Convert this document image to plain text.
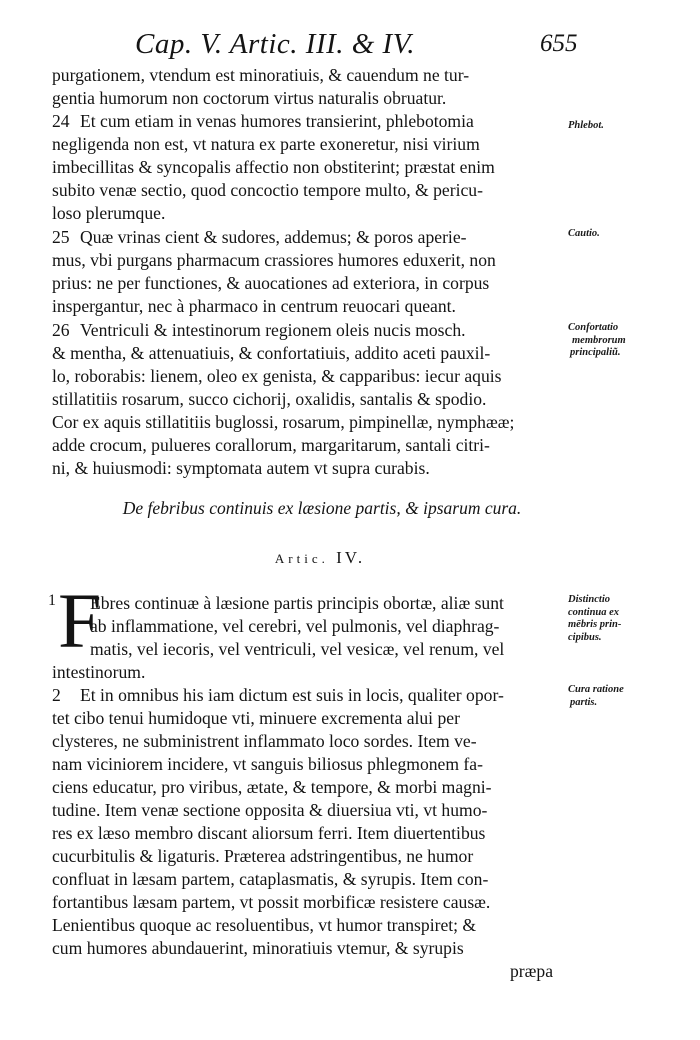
Cap. V. Artic. III. & IV.	655
purgationem, vtendum est minoratiuis, & cauendum ne tur-
gentia humorum non coctorum virtus naturalis obruatur.
24 Et cum etiam in venas humores transierint, phlebotomia
negligenda non est, vt natura ex parte exoneretur, nisi virium
imbecillitas & syncopalis affectio non obstiterint; præstat enim
subito venæ sectio, quod concoctio tempore multo, & pericu-
loso plerumque.
Phlebot.
25 Quæ vrinas cient & sudores, addemus; & poros aperie-
mus, vbi purgans pharmacum crassiores humores eduxerit, non
prius: ne per functiones, & auocationes ad exteriora, in corpus
inspergantur, nec à pharmaco in centrum reuocari queant.
Cautio.
26 Ventriculi & intestinorum regionem oleis nucis mosch.
& mentha, & attenuatiuis, & confortatiuis, addito aceti pauxil-
lo, roborabis: lienem, oleo ex genista, & capparibus: iecur aquis
stillatitiis rosarum, succo cichorij, oxalidis, santalis & spodio.
Cor ex aquis stillatitiis buglossi, rosarum, pimpinellæ, nymphææ;
adde crocum, pulueres corallorum, margaritarum, santali citri-
ni, & huiusmodi: symptomata autem vt supra curabis.
Confortatio
membrorum
principaliũ.
De febribus continuis ex læsione partis, & ipsarum cura.
Artic. IV.
1 F
Ebres continuæ à læsione partis principis obortæ, aliæ sunt
ab inflammatione, vel cerebri, vel pulmonis, vel diaphrag-
matis, vel iecoris, vel ventriculi, vel vesicæ, vel renum, vel
intestinorum.
Distinctio
continua ex
mēbris prin-
cipibus.
2 Et in omnibus his iam dictum est suis in locis, qualiter opor-
tet cibo tenui humidoque vti, minuere excrementa alui per
clysteres, ne subministrent inflammato loco sordes. Item ve-
nam viciniorem incidere, vt sanguis biliosus phlegmonem fa-
ciens educatur, pro viribus, ætate, & tempore, & morbi magni-
tudine. Item venæ sectione opposita & diuersiua vti, vt humo-
res ex læso membro discant aliorsum ferri. Item diuertentibus
cucurbitulis & ligaturis. Præterea adstringentibus, ne humor
confluat in læsam partem, cataplasmatis, & syrupis. Item con-
fortantibus læsam partem, vt possit morbificæ resistere causæ.
Lenientibus quoque ac resoluentibus, vt humor transpiret; &
cum humores abundauerint, minoratiuis vtemur, & syrupis
Cura ratione
partis.
præpa
